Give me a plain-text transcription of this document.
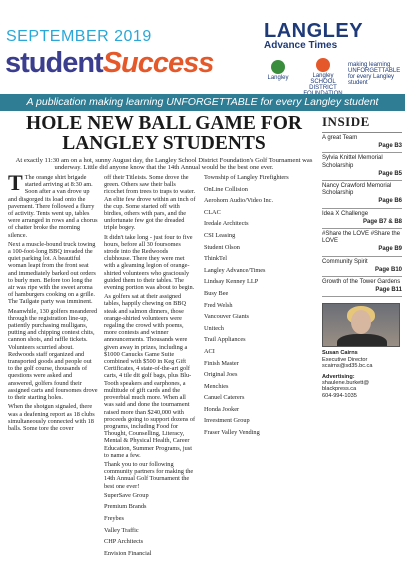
SEPTEMBER 2019
studentSuccess
LANGLEY
Advance Times
Langley	Langley SCHOOL DISTRICT
making learning UNFORGETTABLE for every Langley student
A publication making learning UNFORGETTABLE for every Langley student
HOLE NEW BALL GAME FOR LANGLEY STUDENTS
At exactly 11:30 am on a hot, sunny August day, the Langley School District Foundation's Golf Tournament was underway. Little did anyone know that the 14th Annual would be the best one ever.

T The orange shirt brigade started arriving at 8:30 am. Soon after a van drove up and disgorged its load onto the pavement. There followed a flurry of activity. Tents went up, tables were arranged in rows and a chorus of chatter broke the morning silence.

Next a muscle-bound truck towing a 100-foot-long BBQ invaded the quiet parking lot. A beautiful woman leapt from the front seat and immediately barked out orders to burly men. Before too long the air was ripe with the sweet aroma of hamburgers cooking on a grille. The Tailgate party was imminent.

Meanwhile, 130 golfers meandered through the registration line-up, patiently purchasing mulligans, putting and chipping contest chits, cannon shots, and raffle tickets. Volunteers scurried about. Redwoods staff organized and transported goods and people out to the golf course, thousands of questions were asked and answered, golfers found their assigned carts and foursomes drove to their starting holes.

When the shotgun signaled, there was a deafening report as 18 clubs simultaneously connected with 18 balls. Some tore the cover

off their Titleists. Some drove the green. Others saw their balls ricochet from trees to traps to water. An elite few drove within an inch of the cup. Some started off with birdies, others with pars, and the unfortunate few got the dreaded triple bogey.

It didn't take long - just four to five hours, before all 30 foursomes strode into the Redwoods clubhouse. There they were met with a gleaming legion of orange-shirted volunteers who graciously guided them to their tables. The evening portion was about to begin.

As golfers sat at their assigned tables, happily chewing on BBQ steak and salmon dinners, those orange-shirted volunteers were regaling the crowd with poems, more contests and winner announcements. Thousands were given away in prizes, including a $1000 Canucks Game Suite combined with $500 in Keg Gift Certificates, 4 state-of-the-art golf carts, 4 tile dit golf bags, plus Blu-Tooth speakers and earphones, a multitude of gift cards and the proverbial much more. When all was said and done the tournament raised more than $240,000 with proceeds going to support dozens of programs, including Food for Thought, Counselling, Literacy, Mental & Physical Health, Career Education, Summer Programs, just to name a few.

Thank you to our following community partners for making the 14th Annual Golf Tournament the best one ever!

SuperSave Group
Premium Brands
Freybes
Valley Traffic
CHP Architects
Envision Financial
Township of Langley Firefighters
OnLine Collision
Aerohorn Audio/Video Inc.
CLAC
Iredale Architects
CSI Leasing
Student Olson
ThinkTel
Langley Advance/Times
Lindsay Kenney LLP
Busy Bee
Fred Welsh
Vancouver Giants
Unitech
Trail Appliances
ACI
Finish Master
Original Joes
Menchies
Canuel Caterers
Honda Jooker
Investment Group
Fraser Valley Vending
INSIDE
A great Team
Page B3
Sylvia Knittel Memorial Scholarship
Page B5
Nancy Crawford Memorial Scholarship
Page B6
Idea X Challenge
Page B7 & B8
#Share the LOVE #Share the LOVE
Page B9
Community Spirit
Page B10
Growth of the Tower Gardens
Page B11
Susan Cairns
Executive Director
scairns@sd35.bc.ca
Advertising:
shaulene.burkett@
blackpress.ca
604-994-1035
